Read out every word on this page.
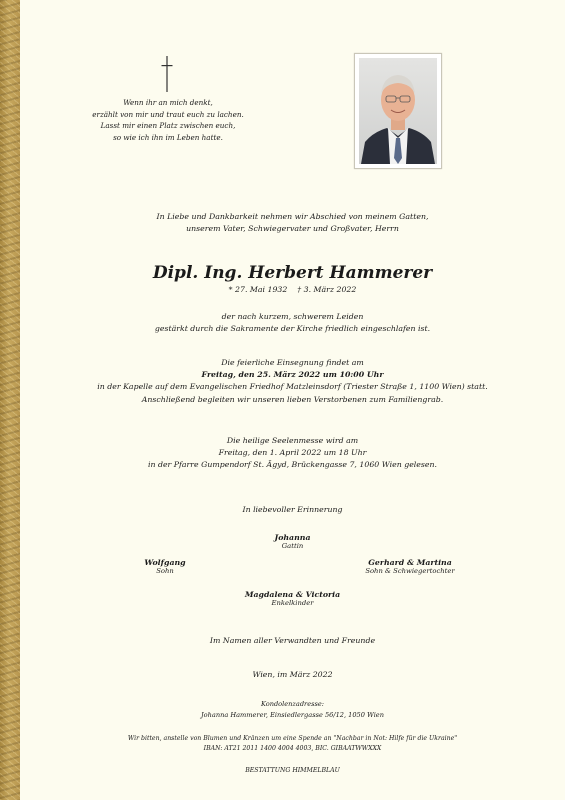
Wenn ihr an mich denkt,
erzählt von mir und traut euch zu lachen.
Lasst mir einen Platz zwischen euch,
so wie ich ihn im Leben hatte.
In Liebe und Dankbarkeit nehmen wir Abschied von meinem Gatten,
unserem Vater, Schwiegervater und Großvater, Herrn
Dipl. Ing. Herbert Hammerer
* 27. Mai 1932    † 3. März 2022
der nach kurzem, schwerem Leiden
gestärkt durch die Sakramente der Kirche friedlich eingeschlafen ist.
Die feierliche Einsegnung findet am
Freitag, den 25. März 2022 um 10:00 Uhr
in der Kapelle auf dem Evangelischen Friedhof Matzleinsdorf (Triester Straße 1, 1100 Wien) statt.
Anschließend begleiten wir unseren lieben Verstorbenen zum Familiengrab.
Die heilige Seelenmesse wird am
Freitag, den 1. April 2022 um 18 Uhr
in der Pfarre Gumpendorf St. Ägyd, Brückengasse 7, 1060 Wien gelesen.
In liebevoller Erinnerung
Johanna
Gattin
Wolfgang
Sohn
Gerhard & Martina
Sohn & Schwiegertochter
Magdalena & Victoria
Enkelkinder
Im Namen aller Verwandten und Freunde
Wien, im März 2022
Kondolenzadresse:
Johanna Hammerer, Einsiedlergasse 56/12, 1050 Wien
Wir bitten, anstelle von Blumen und Kränzen um eine Spende an "Nachbar in Not: Hilfe für die Ukraine"
IBAN: AT21 2011 1400 4004 4003, BIC. GIBAATWWXXX
BESTATTUNG HIMMELBLAU
